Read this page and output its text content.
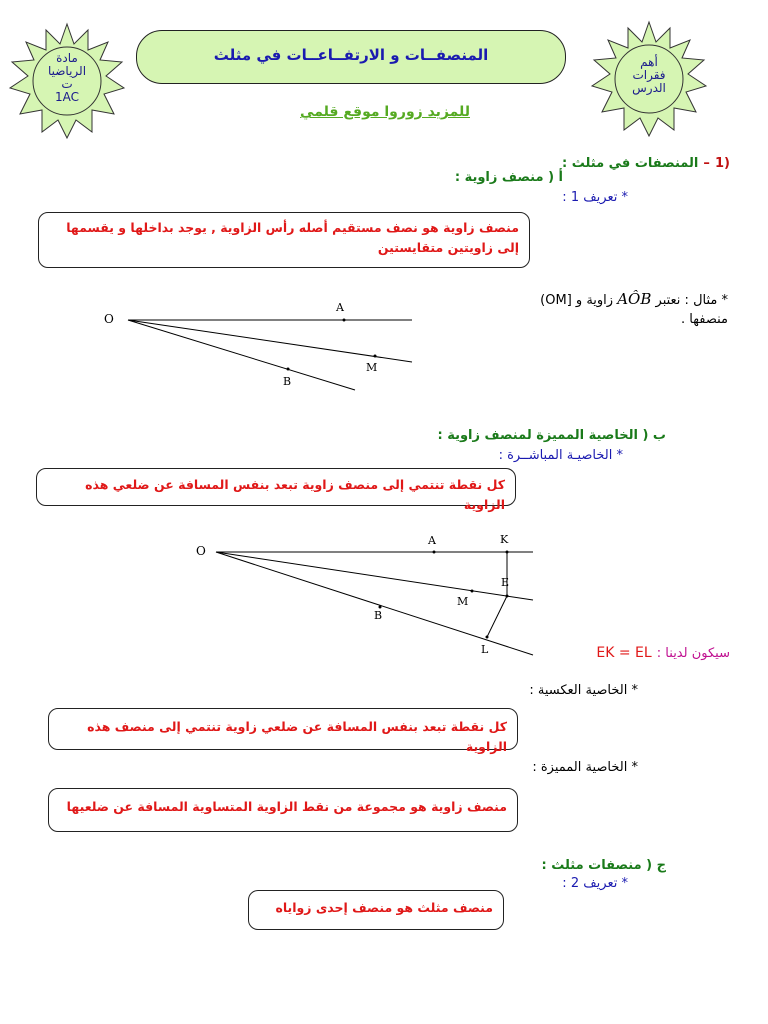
مادة
الرياضيا
ت
1AC
أهم
فقرات
الدرس
المنصفــات و الارتفــاعــات في مثلث
للمزيد زوروا موقع قلمي
(1 – المنصفات في مثلث :
أ ( منصف زاوية :
* تعريف 1 :
منصف زاوية هو نصف مستقيم أصله رأس الزاوية , يوجد بداخلها و يقسمها إلى زاويتين متقايستين
* مثال : نعتبر AÔB زاوية و [OM)
منصفها .
O
A
M
B
ب ( الخاصية المميزة لمنصف زاوية :
* الخاصيـة المباشــرة :
كل نقطة تنتمي إلى منصف زاوية تبعد بنفس المسافة عن ضلعي هذه الزاوية
O
A	K
E
M
B
L	سيكون لدينا : EK = EL
* الخاصية العكسية :
كل نقطة تبعد بنفس المسافة عن ضلعي زاوية تنتمي إلى منصف هذه الزاوية
* الخاصية المميزة :
منصف زاوية هو مجموعة من نقط الزاوية المتساوية المسافة عن ضلعيها
ج ( منصفات مثلث :
* تعريف 2 :
منصف مثلث هو منصف إحدى زواياه
